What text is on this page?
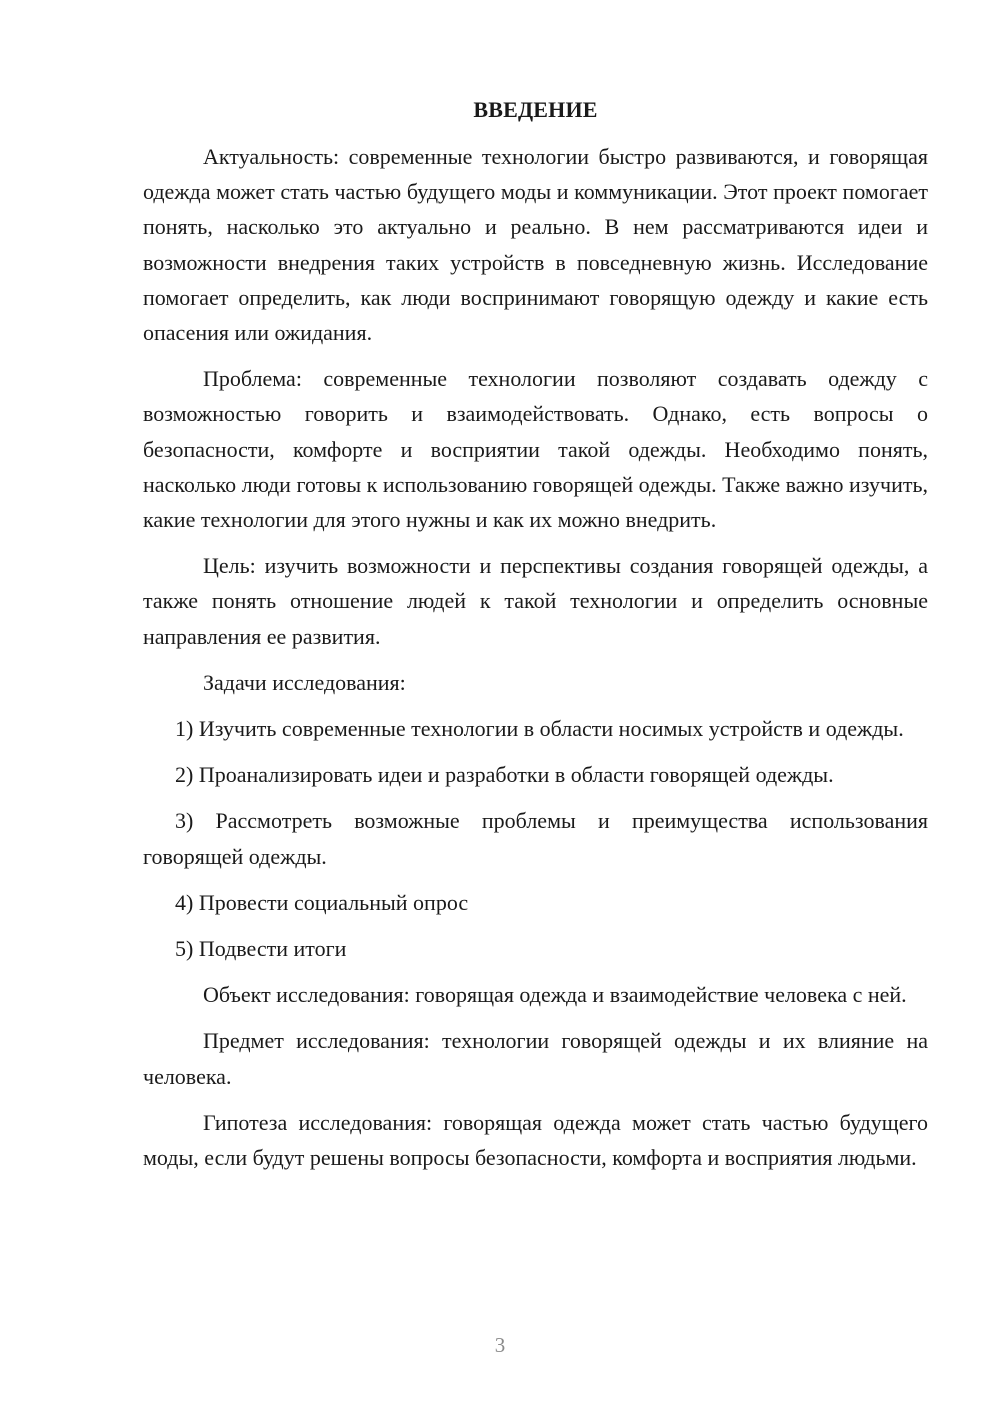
ВВЕДЕНИЕ

Актуальность: современные технологии быстро развиваются, и говорящая одежда может стать частью будущего моды и коммуникации. Этот проект помогает понять, насколько это актуально и реально. В нем рассматриваются идеи и возможности внедрения таких устройств в повседневную жизнь. Исследование помогает определить, как люди воспринимают говорящую одежду и какие есть опасения или ожидания.

Проблема: современные технологии позволяют создавать одежду с возможностью говорить и взаимодействовать. Однако, есть вопросы о безопасности, комфорте и восприятии такой одежды. Необходимо понять, насколько люди готовы к использованию говорящей одежды. Также важно изучить, какие технологии для этого нужны и как их можно внедрить.

Цель: изучить возможности и перспективы создания говорящей одежды, а также понять отношение людей к такой технологии и определить основные направления ее развития.

Задачи исследования:

1) Изучить современные технологии в области носимых устройств и одежды.

2) Проанализировать идеи и разработки в области говорящей одежды.

3) Рассмотреть возможные проблемы и преимущества использования говорящей одежды.

4) Провести социальный опрос

5) Подвести итоги

Объект исследования: говорящая одежда и взаимодействие человека с ней.

Предмет исследования: технологии говорящей одежды и их влияние на человека.

Гипотеза исследования: говорящая одежда может стать частью будущего моды, если будут решены вопросы безопасности, комфорта и восприятия людьми.

3
